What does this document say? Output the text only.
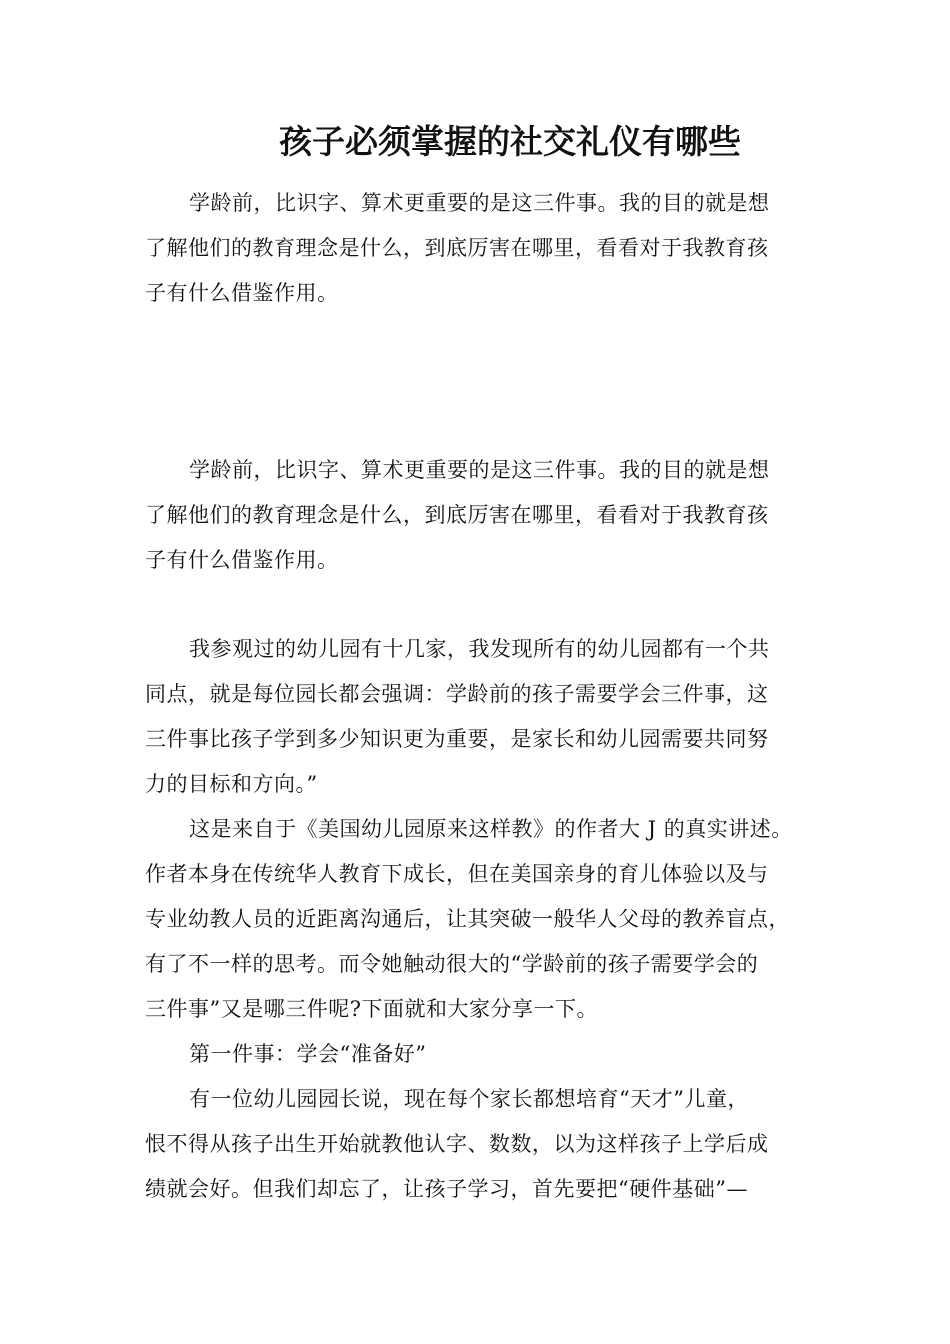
孩子必须掌握的社交礼仪有哪些

学龄前，比识字、算术更重要的是这三件事。我的目的就是想

了解他们的教育理念是什么，到底厉害在哪里，看看对于我教育孩

子有什么借鉴作用。

学龄前，比识字、算术更重要的是这三件事。我的目的就是想

了解他们的教育理念是什么，到底厉害在哪里，看看对于我教育孩

子有什么借鉴作用。

我参观过的幼儿园有十几家，我发现所有的幼儿园都有一个共

同点，就是每位园长都会强调：学龄前的孩子需要学会三件事，这

三件事比孩子学到多少知识更为重要，是家长和幼儿园需要共同努

力的目标和方向。”

这是来自于《美国幼儿园原来这样教》的作者大 J 的真实讲述。

作者本身在传统华人教育下成长，但在美国亲身的育儿体验以及与

专业幼教人员的近距离沟通后，让其突破一般华人父母的教养盲点，

有了不一样的思考。而令她触动很大的“学龄前的孩子需要学会的

三件事”又是哪三件呢?下面就和大家分享一下。

第一件事：学会“准备好”

有一位幼儿园园长说，现在每个家长都想培育“天才”儿童，

恨不得从孩子出生开始就教他认字、数数，以为这样孩子上学后成

绩就会好。但我们却忘了，让孩子学习，首先要把“硬件基础”—
